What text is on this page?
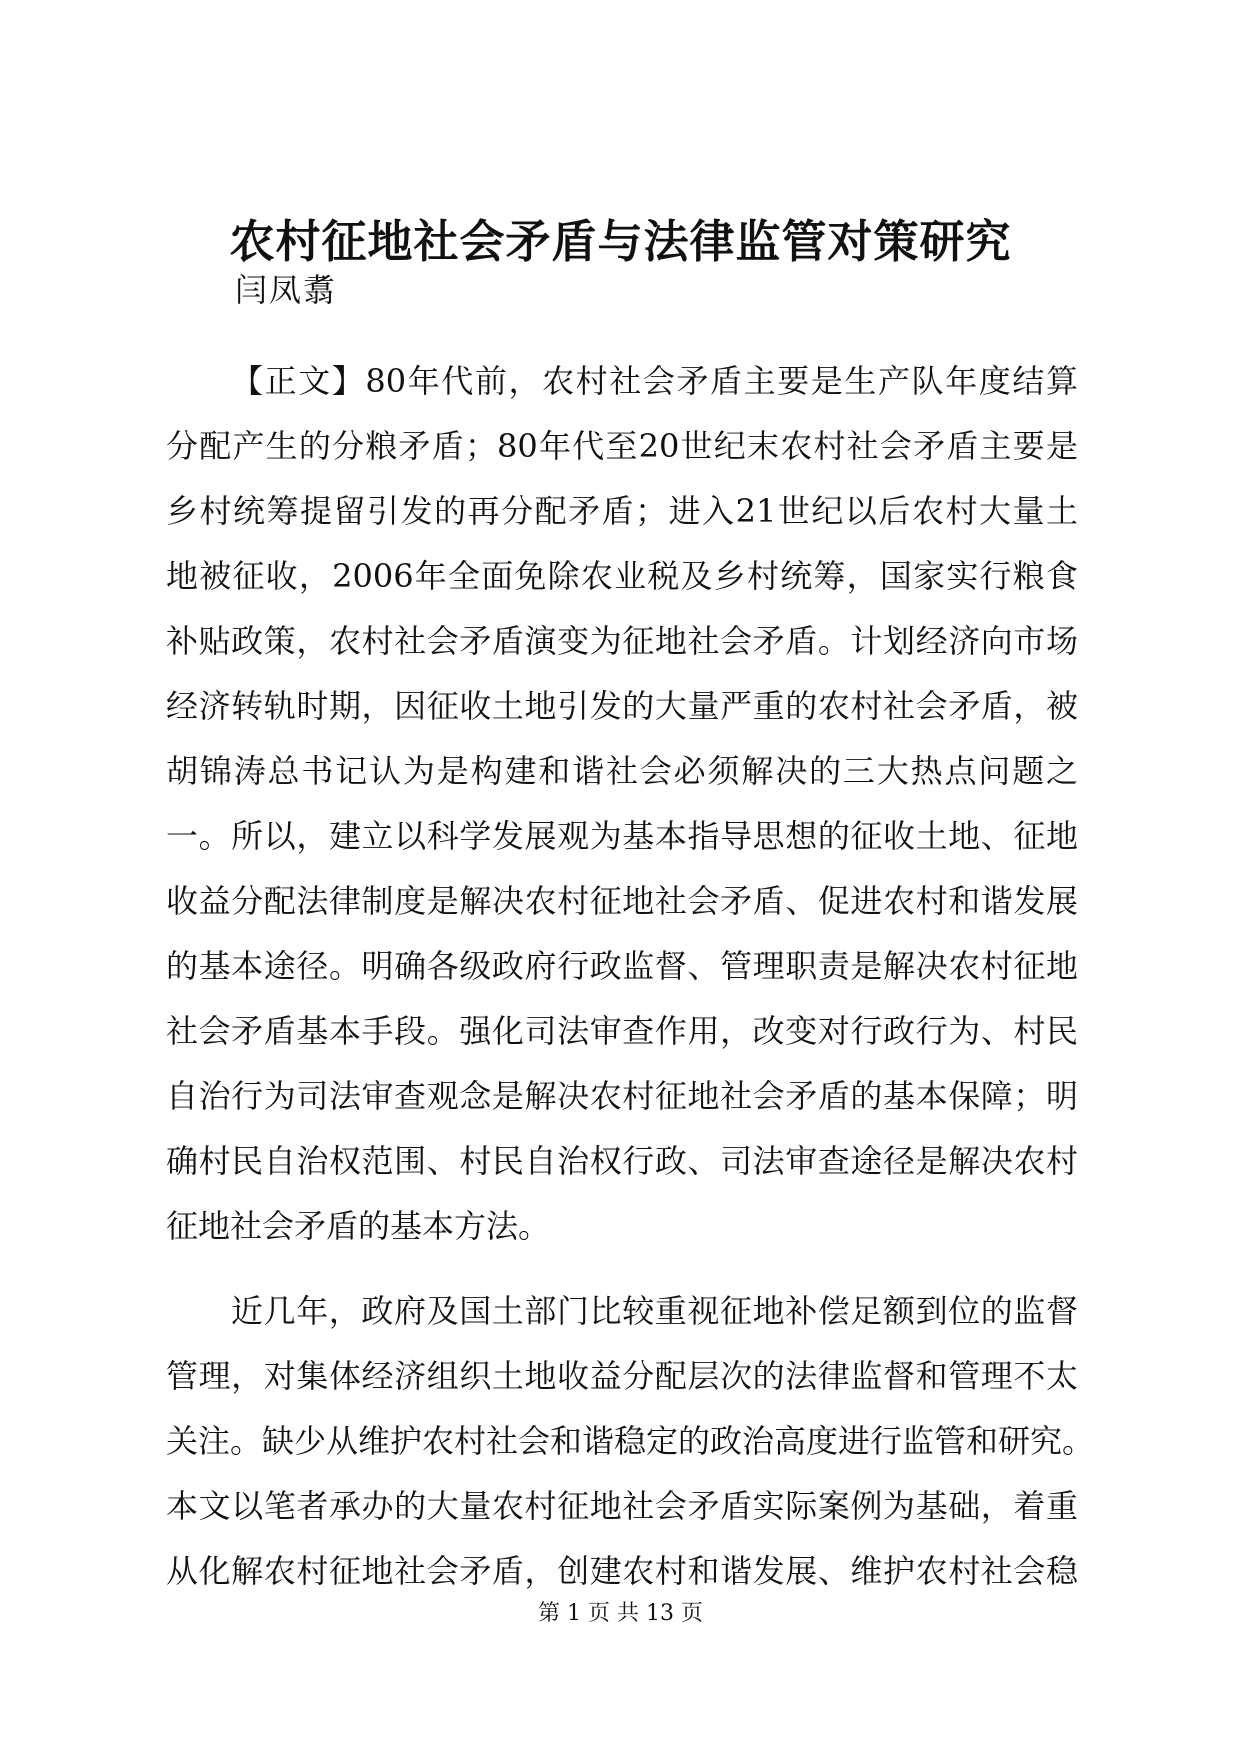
农村征地社会矛盾与法律监管对策研究

闫凤翥

【正文】80年代前，农村社会矛盾主要是生产队年度结算
分配产生的分粮矛盾；80年代至20世纪末农村社会矛盾主要是
乡村统筹提留引发的再分配矛盾；进入21世纪以后农村大量土
地被征收，2006年全面免除农业税及乡村统筹，国家实行粮食
补贴政策，农村社会矛盾演变为征地社会矛盾。计划经济向市场
经济转轨时期，因征收土地引发的大量严重的农村社会矛盾，被
胡锦涛总书记认为是构建和谐社会必须解决的三大热点问题之
一。所以，建立以科学发展观为基本指导思想的征收土地、征地
收益分配法律制度是解决农村征地社会矛盾、促进农村和谐发展
的基本途径。明确各级政府行政监督、管理职责是解决农村征地
社会矛盾基本手段。强化司法审查作用，改变对行政行为、村民
自治行为司法审查观念是解决农村征地社会矛盾的基本保障；明
确村民自治权范围、村民自治权行政、司法审查途径是解决农村
征地社会矛盾的基本方法。
近几年，政府及国土部门比较重视征地补偿足额到位的监督
管理，对集体经济组织土地收益分配层次的法律监督和管理不太
关注。缺少从维护农村社会和谐稳定的政治高度进行监管和研究。
本文以笔者承办的大量农村征地社会矛盾实际案例为基础，着重
从化解农村征地社会矛盾，创建农村和谐发展、维护农村社会稳

第 1 页 共 13 页
